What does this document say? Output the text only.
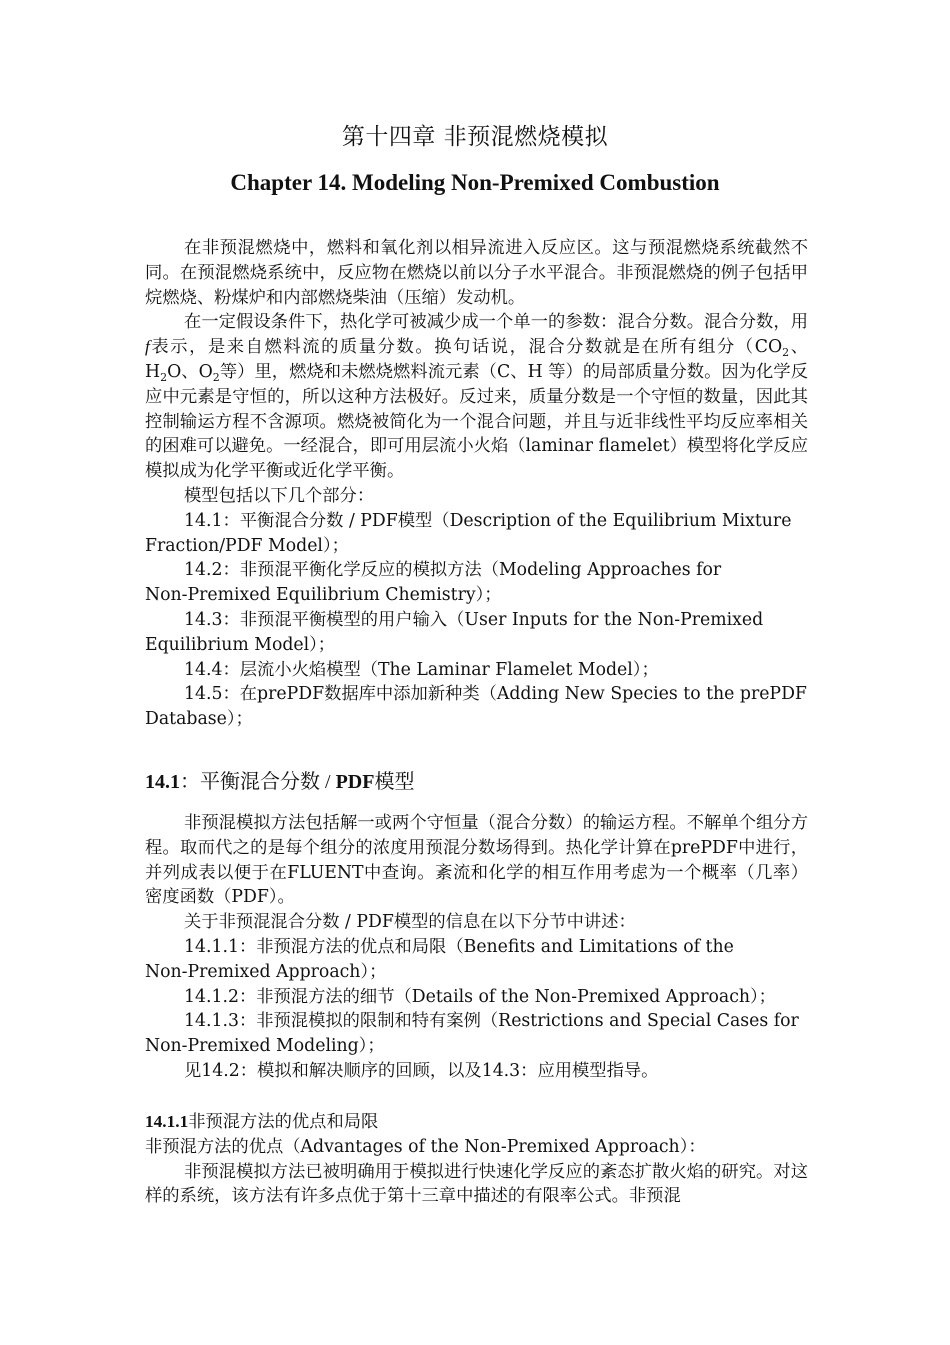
第十四章 非预混燃烧模拟
Chapter 14. Modeling Non-Premixed Combustion

在非预混燃烧中，燃料和氧化剂以相异流进入反应区。这与预混燃烧系统截然不同。在预混燃烧系统中，反应物在燃烧以前以分子水平混合。非预混燃烧的例子包括甲烷燃烧、粉煤炉和内部燃烧柴油（压缩）发动机。

在一定假设条件下，热化学可被减少成一个单一的参数：混合分数。混合分数，用f表示，是来自燃料流的质量分数。换句话说，混合分数就是在所有组分（$CO_2$、$H_2O$、$O_2$等）里，燃烧和未燃烧燃料流元素（C、H 等）的局部质量分数。因为化学反应中元素是守恒的，所以这种方法极好。反过来，质量分数是一个守恒的数量，因此其控制输运方程不含源项。燃烧被简化为一个混合问题，并且与近非线性平均反应率相关的困难可以避免。一经混合，即可用层流小火焰（laminar flamelet）模型将化学反应模拟成为化学平衡或近化学平衡。

模型包括以下几个部分：

14.1：平衡混合分数 / PDF模型（Description of the Equilibrium Mixture
Fraction/PDF Model）；
14.2：非预混平衡化学反应的模拟方法（Modeling Approaches for
Non-Premixed Equilibrium Chemistry）；
14.3：非预混平衡模型的用户输入（User Inputs for the Non-Premixed
Equilibrium Model）；
14.4：层流小火焰模型（The Laminar Flamelet Model）；
14.5：在prePDF数据库中添加新种类（Adding New Species to the prePDF
Database）；

14.1：平衡混合分数 / PDF模型

非预混模拟方法包括解一或两个守恒量（混合分数）的输运方程。不解单个组分方程。取而代之的是每个组分的浓度用预混分数场得到。热化学计算在prePDF中进行，并列成表以便于在FLUENT中查询。紊流和化学的相互作用考虑为一个概率（几率）密度函数（PDF）。

关于非预混混合分数 / PDF模型的信息在以下分节中讲述：

14.1.1：非预混方法的优点和局限（Benefits and Limitations of the
Non-Premixed Approach）；
14.1.2：非预混方法的细节（Details of the Non-Premixed Approach）；
14.1.3：非预混模拟的限制和特有案例（Restrictions and Special Cases for
Non-Premixed Modeling）；

见14.2：模拟和解决顺序的回顾，以及14.3：应用模型指导。

14.1.1非预混方法的优点和局限

非预混方法的优点（Advantages of the Non-Premixed Approach）：

非预混模拟方法已被明确用于模拟进行快速化学反应的紊态扩散火焰的研究。对这样的系统，该方法有许多点优于第十三章中描述的有限率公式。非预混
